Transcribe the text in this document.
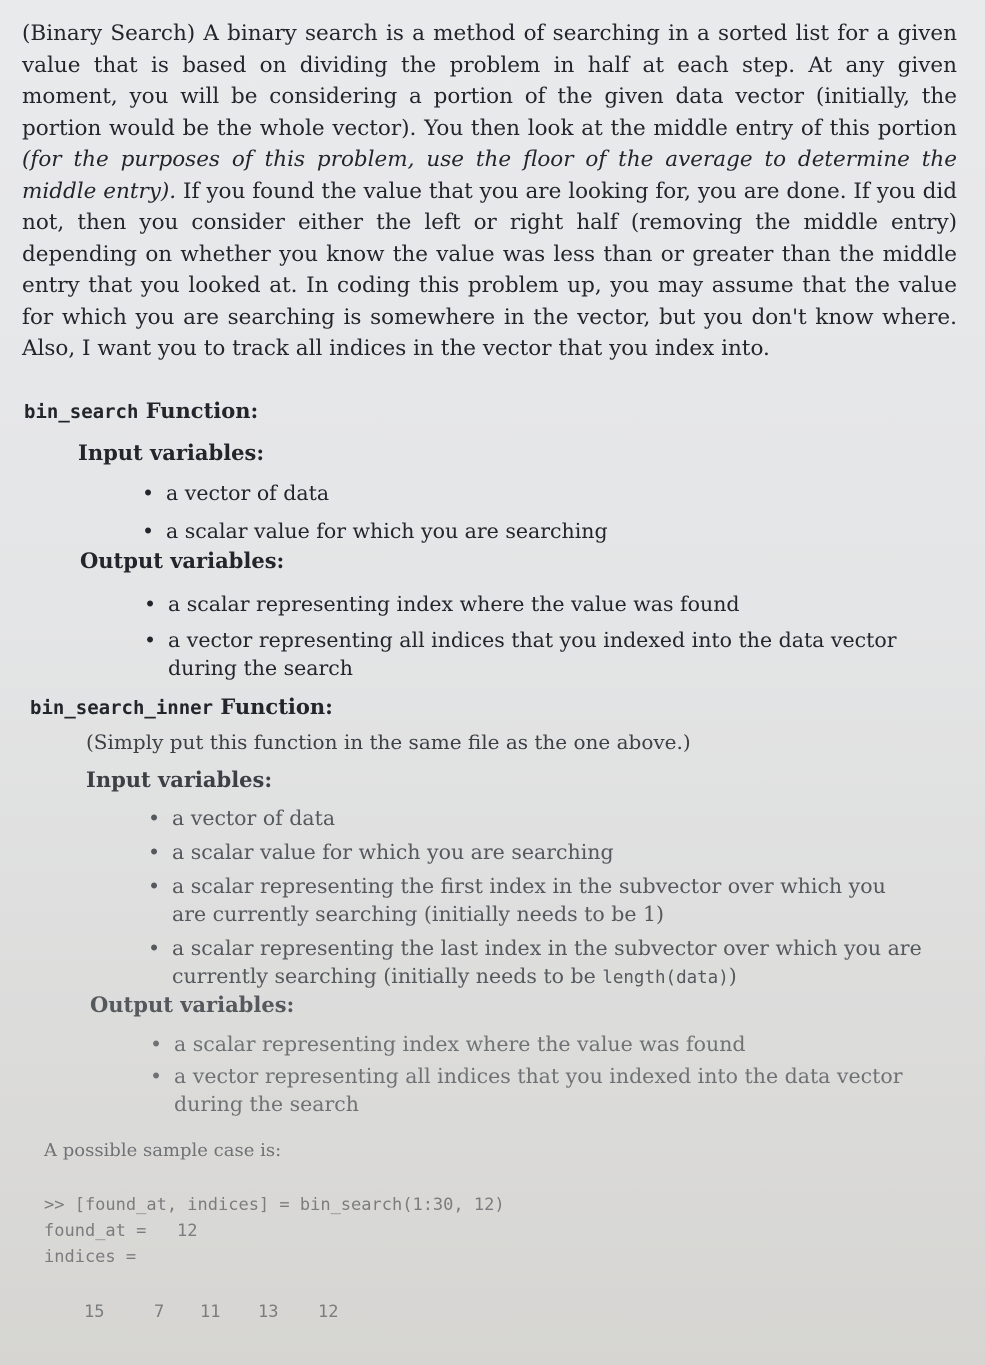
(Binary Search) A binary search is a method of searching in a sorted list for a given value that is based on dividing the problem in half at each step. At any given moment, you will be considering a portion of the given data vector (initially, the portion would be the whole vector). You then look at the middle entry of this portion (for the purposes of this problem, use the floor of the average to determine the middle entry). If you found the value that you are looking for, you are done. If you did not, then you consider either the left or right half (removing the middle entry) depending on whether you know the value was less than or greater than the middle entry that you looked at. In coding this problem up, you may assume that the value for which you are searching is somewhere in the vector, but you don't know where. Also, I want you to track all indices in the vector that you index into.

bin_search Function:

Input variables:

• a vector of data
• a scalar value for which you are searching

Output variables:

• a scalar representing index where the value was found
• a vector representing all indices that you indexed into the data vector during the search

bin_search_inner Function:

(Simply put this function in the same file as the one above.)

Input variables:

• a vector of data
• a scalar value for which you are searching
• a scalar representing the first index in the subvector over which you are currently searching (initially needs to be 1)
• a scalar representing the last index in the subvector over which you are currently searching (initially needs to be length(data))

Output variables:

• a scalar representing index where the value was found
• a vector representing all indices that you indexed into the data vector during the search

A possible sample case is:

>> [found_at, indices] = bin_search(1:30, 12)

found_at =   12

indices =

15	7	11	13	12
